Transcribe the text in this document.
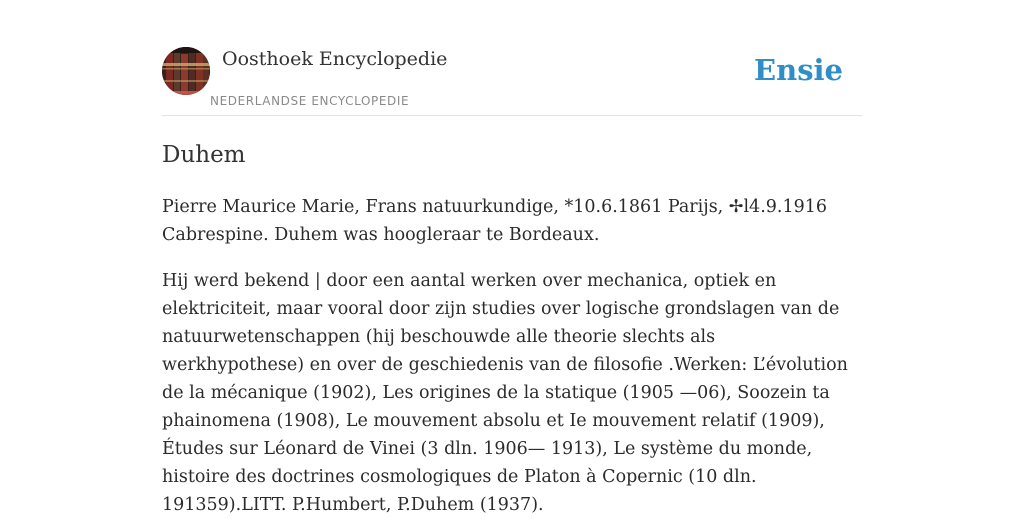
Oosthoek Encyclopedie
NEDERLANDSE ENCYCLOPEDIE
Ensie
Duhem

Pierre Maurice Marie, Frans natuurkundige, *10.6.1861 Parijs, ✢l4.9.1916 Cabrespine. Duhem was hoogleraar te Bordeaux.

Hij werd bekend | door een aantal werken over mechanica, optiek en elektriciteit, maar vooral door zijn studies over logische grondslagen van de natuurwetenschappen (hij beschouwde alle theorie slechts als werkhypothese) en over de geschiedenis van de filosofie .Werken: L’évolution de la mécanique (1902), Les origines de la statique (1905 —06), Soozein ta phainomena (1908), Le mouvement absolu et Ie mouvement relatif (1909), Études sur Léonard de Vinei (3 dln. 1906— 1913), Le système du monde, histoire des doctrines cosmologiques de Platon à Copernic (10 dln. 191359).LITT. P.Humbert, P.Duhem (1937).
